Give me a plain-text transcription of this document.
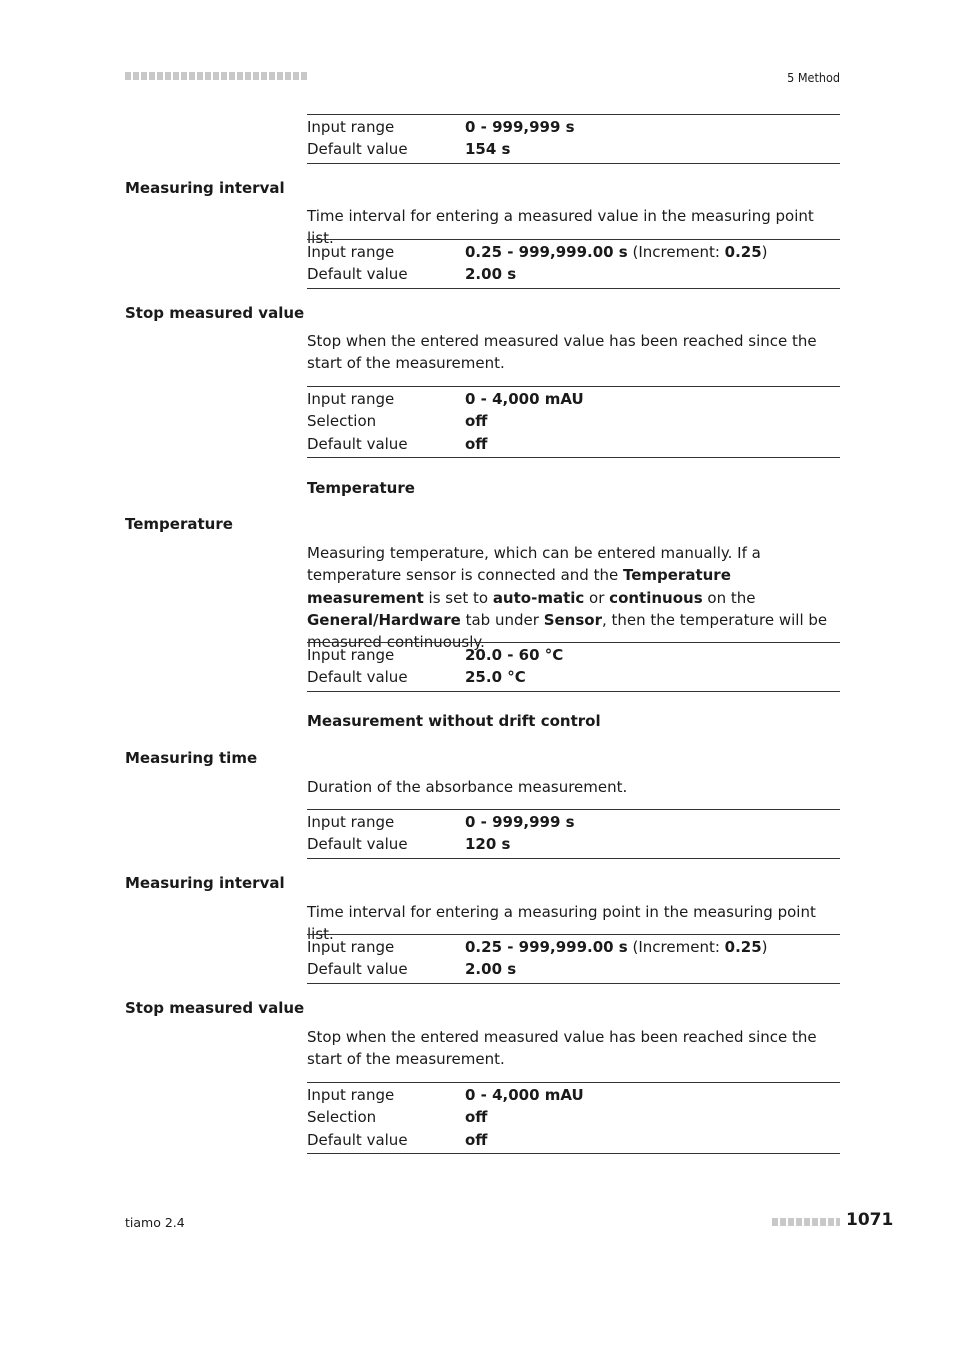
5 Method
Input range	0 - 999,999 s
Default value	154 s
Measuring interval
Time interval for entering a measured value in the measuring point list.
Input range	0.25 - 999,999.00 s (Increment: 0.25)
Default value	2.00 s
Stop measured value
Stop when the entered measured value has been reached since the start of the measurement.
Input range	0 - 4,000 mAU
Selection	off
Default value	off
Temperature
Temperature
Measuring temperature, which can be entered manually. If a temperature sensor is connected and the Temperature measurement is set to auto-matic or continuous on the General/Hardware tab under Sensor, then the temperature will be measured continuously.
Input range	20.0 - 60 °C
Default value	25.0 °C
Measurement without drift control
Measuring time
Duration of the absorbance measurement.
Input range	0 - 999,999 s
Default value	120 s
Measuring interval
Time interval for entering a measuring point in the measuring point list.
Input range	0.25 - 999,999.00 s (Increment: 0.25)
Default value	2.00 s
Stop measured value
Stop when the entered measured value has been reached since the start of the measurement.
Input range	0 - 4,000 mAU
Selection	off
Default value	off
tiamo 2.4	1071
